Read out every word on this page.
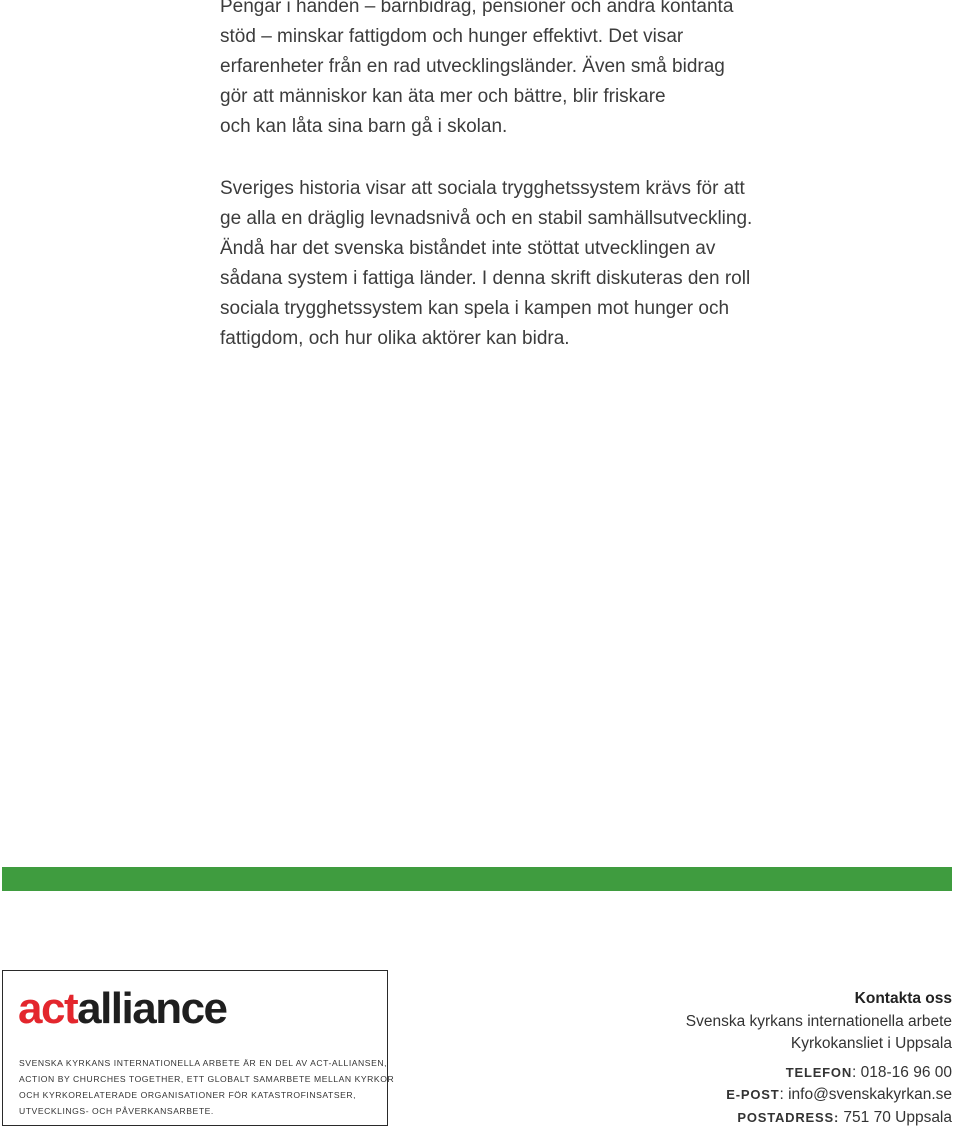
Pengar i handen – barnbidrag, pensioner och andra kontanta
stöd – minskar fattigdom och hunger effektivt. Det visar
erfarenheter från en rad utvecklingsländer. Även små bidrag
gör att människor kan äta mer och bättre, blir friskare
och kan låta sina barn gå i skolan.
Sveriges historia visar att sociala trygghetssystem krävs för att
ge alla en dräglig levnadsnivå och en stabil samhällsutveckling.
Ändå har det svenska biståndet inte stöttat utvecklingen av
sådana system i fattiga länder. I denna skrift diskuteras den roll
sociala trygghetssystem kan spela i kampen mot hunger och
fattigdom, och hur olika aktörer kan bidra.
actalliance
SVENSKA KYRKANS INTERNATIONELLA ARBETE ÄR EN DEL AV ACT-ALLIANSEN,
ACTION BY CHURCHES TOGETHER, ETT GLOBALT SAMARBETE MELLAN KYRKOR
OCH KYRKORELATERADE ORGANISATIONER FÖR KATASTROFINSATSER,
UTVECKLINGS- OCH PÅVERKANSARBETE.
Kontakta oss
Svenska kyrkans internationella arbete
Kyrkokansliet i Uppsala
TELEFON: 018-16 96 00
E-POST: info@svenskakyrkan.se
POSTADRESS: 751 70 Uppsala
